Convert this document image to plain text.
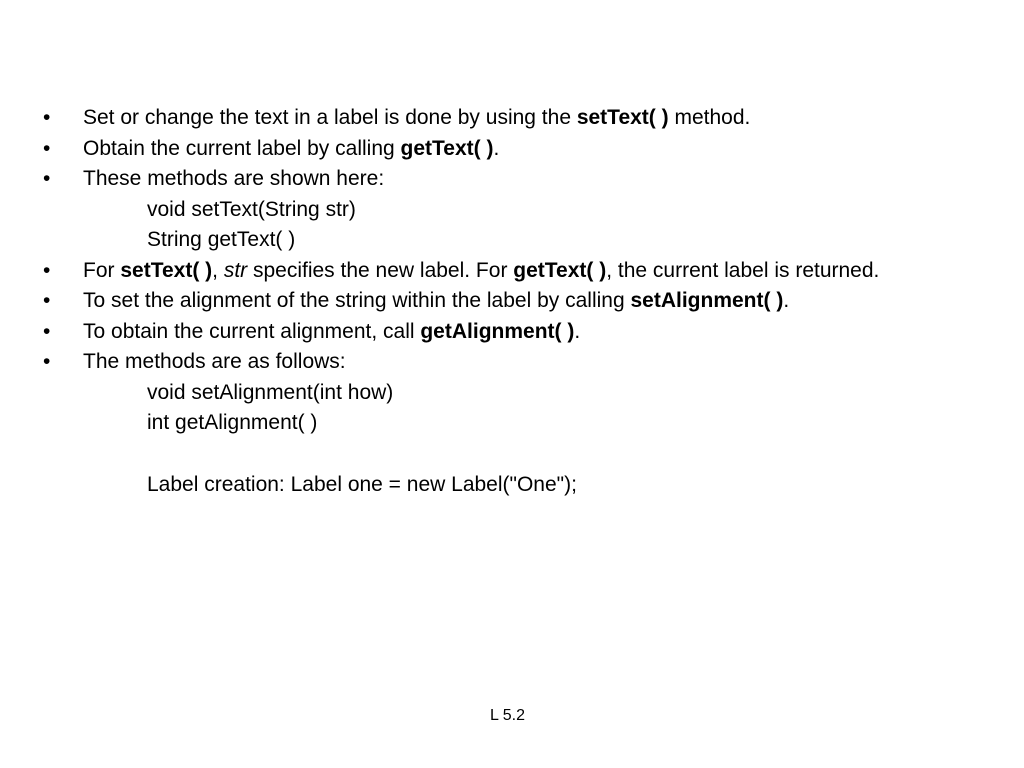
• Set or change the text in a label is done by using the setText( ) method.
• Obtain the current label by calling getText( ).
• These methods are shown here:
void setText(String str)
String getText( )
• For setText( ), str specifies the new label. For getText( ), the current label is returned.
• To set the alignment of the string within the label by calling setAlignment( ).
• To obtain the current alignment, call getAlignment( ).
• The methods are as follows:
void setAlignment(int how)
int getAlignment( )
Label creation: Label one = new Label("One");
L 5.2
